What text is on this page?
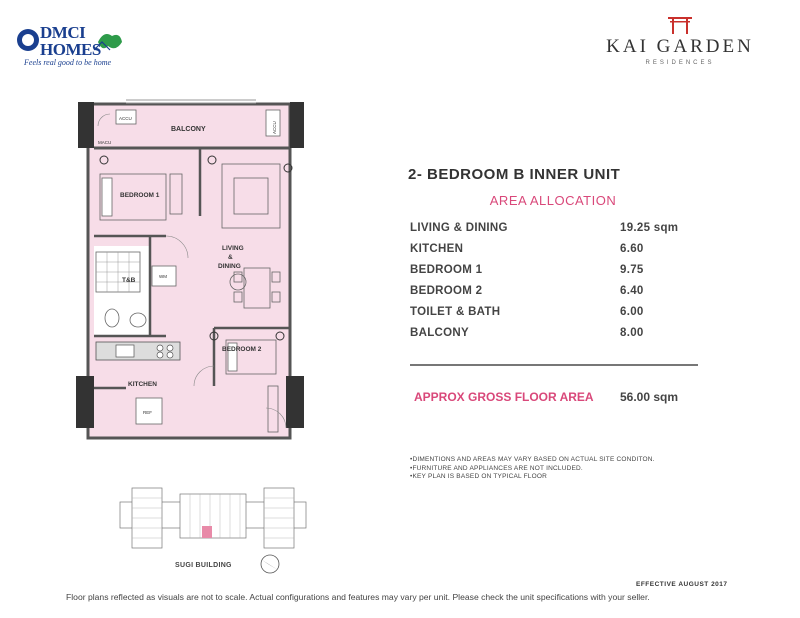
DMCI HOMES
Feels real good to be home
KAI GARDEN
RESIDENCES
BALCONY
BEDROOM 1
BEDROOM 2
LIVING
&
DINING
T&B
KITCHEN
ACCU
ACCU
MACU
REF
WM
2- BEDROOM B INNER UNIT
AREA ALLOCATION
LIVING & DINING	19.25 sqm
KITCHEN	6.60
BEDROOM 1	9.75
BEDROOM 2	6.40
TOILET & BATH	6.00
BALCONY	8.00
APPROX GROSS FLOOR AREA 56.00 sqm
•DIMENTIONS AND AREAS MAY VARY BASED ON ACTUAL SITE CONDITON.
•FURNITURE AND APPLIANCES ARE NOT INCLUDED.
•KEY PLAN IS BASED ON TYPICAL FLOOR
SUGI BUILDING
EFFECTIVE AUGUST 2017
Floor plans reflected as visuals are not to scale. Actual configurations and features may vary per unit. Please check the unit specifications with your seller.
